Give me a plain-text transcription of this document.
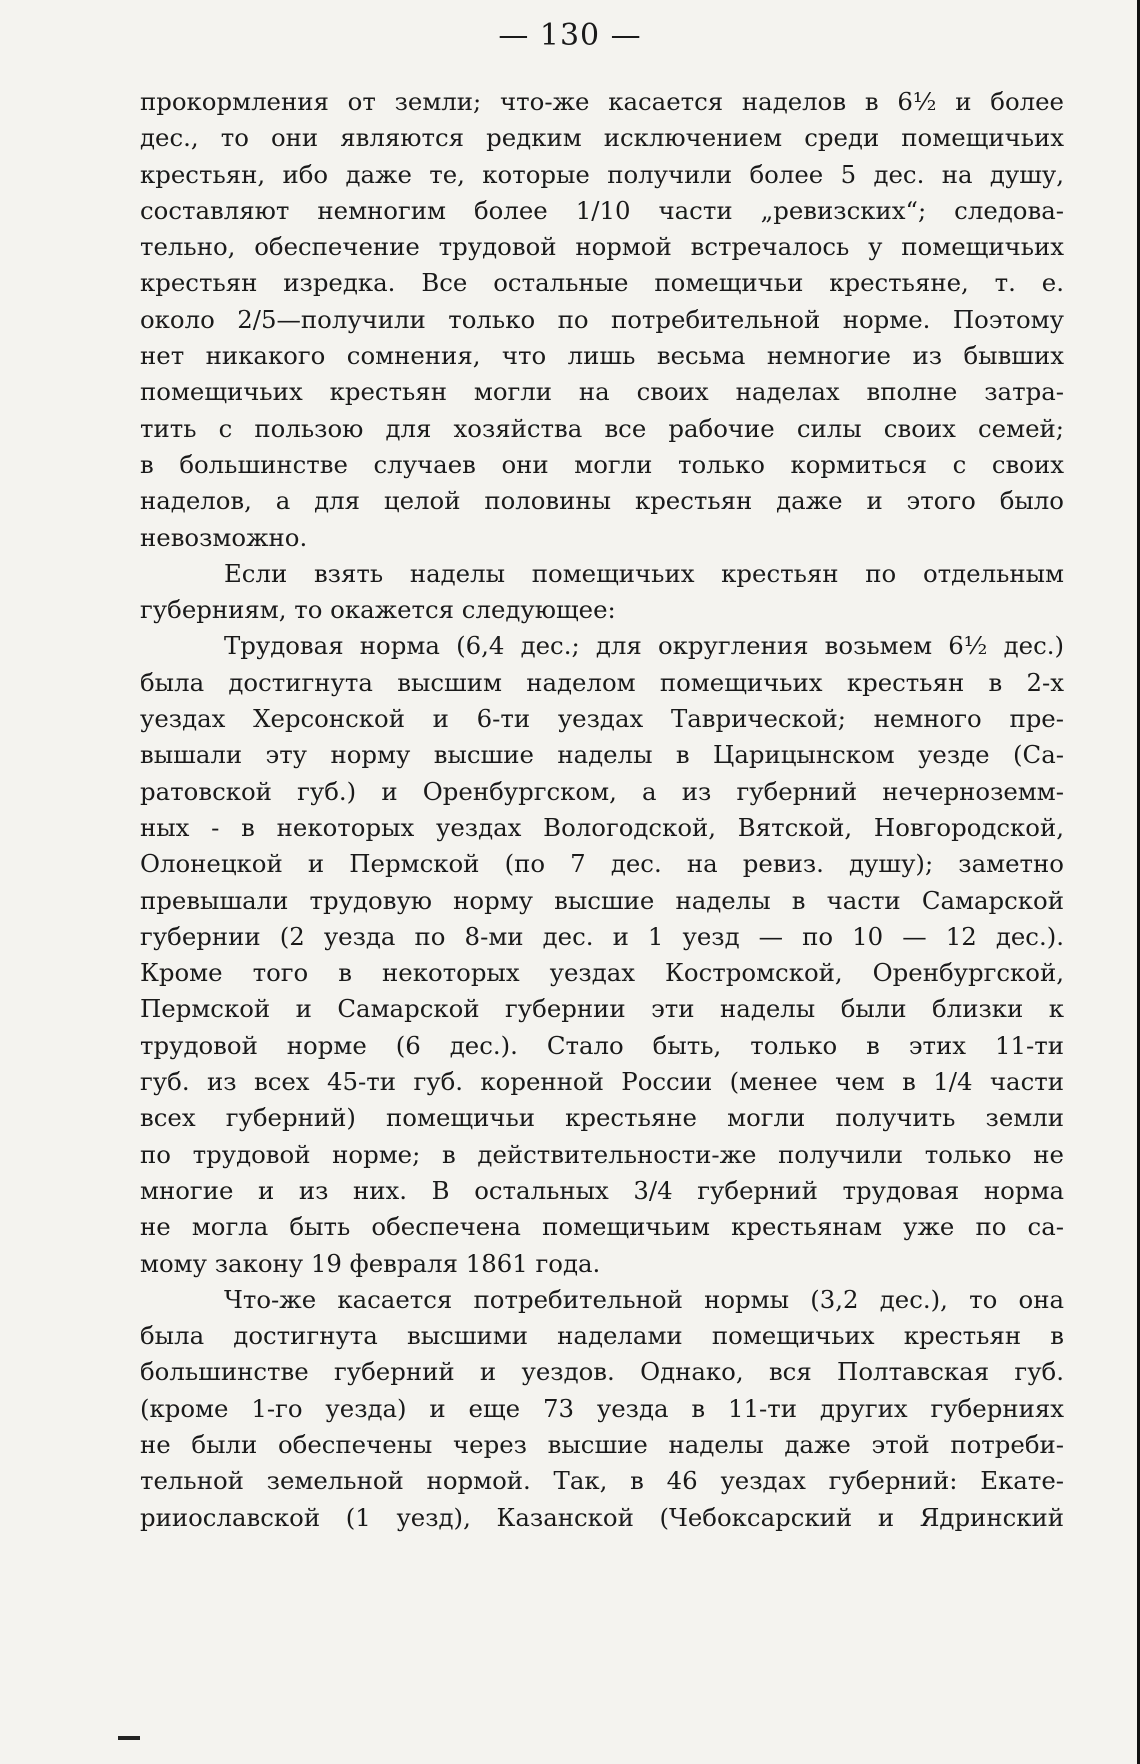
— 130 —
прокормления от земли; что-же касается наделов в 6½ и более
дес., то они являются редким исключением среди помещичьих
крестьян, ибо даже те, которые получили более 5 дес. на душу,
составляют немногим более 1/10 части „ревизских“; следова-
тельно, обеспечение трудовой нормой встречалось у помещичьих
крестьян изредка. Все остальные помещичьи крестьяне, т. е.
около 2/5—получили только по потребительной норме. Поэтому
нет никакого сомнения, что лишь весьма немногие из бывших
помещичьих крестьян могли на своих наделах вполне затра-
тить с пользою для хозяйства все рабочие силы своих семей;
в большинстве случаев они могли только кормиться с своих
наделов, а для целой половины крестьян даже и этого было
невозможно.
Если взять наделы помещичьих крестьян по отдельным
губерниям, то окажется следующее:
Трудовая норма (6,4 дес.; для округления возьмем 6½ дес.)
была достигнута высшим наделом помещичьих крестьян в 2-х
уездах Херсонской и 6-ти уездах Таврической; немного пре-
вышали эту норму высшие наделы в Царицынском уезде (Са-
ратовской губ.) и Оренбургском, а из губерний нечерноземм-
ных - в некоторых уездах Вологодской, Вятской, Новгородской,
Олонецкой и Пермской (по 7 дес. на ревиз. душу); заметно
превышали трудовую норму высшие наделы в части Самарской
губернии (2 уезда по 8-ми дес. и 1 уезд — по 10 — 12 дес.).
Кроме того в некоторых уездах Костромской, Оренбургской,
Пермской и Самарской губернии эти наделы были близки к
трудовой норме (6 дес.). Стало быть, только в этих 11-ти
губ. из всех 45-ти губ. коренной России (менее чем в 1/4 части
всех губерний) помещичьи крестьяне могли получить земли
по трудовой норме; в действительности-же получили только не
многие и из них. В остальных 3/4 губерний трудовая норма
не могла быть обеспечена помещичьим крестьянам уже по са-
мому закону 19 февраля 1861 года.
Что-же касается потребительной нормы (3,2 дес.), то она
была достигнута высшими наделами помещичьих крестьян в
большинстве губерний и уездов. Однако, вся Полтавская губ.
(кроме 1-го уезда) и еще 73 уезда в 11-ти других губерниях
не были обеспечены через высшие наделы даже этой потреби-
тельной земельной нормой. Так, в 46 уездах губерний: Екате-
рииославской (1 уезд), Казанской (Чебоксарский и Ядринский
